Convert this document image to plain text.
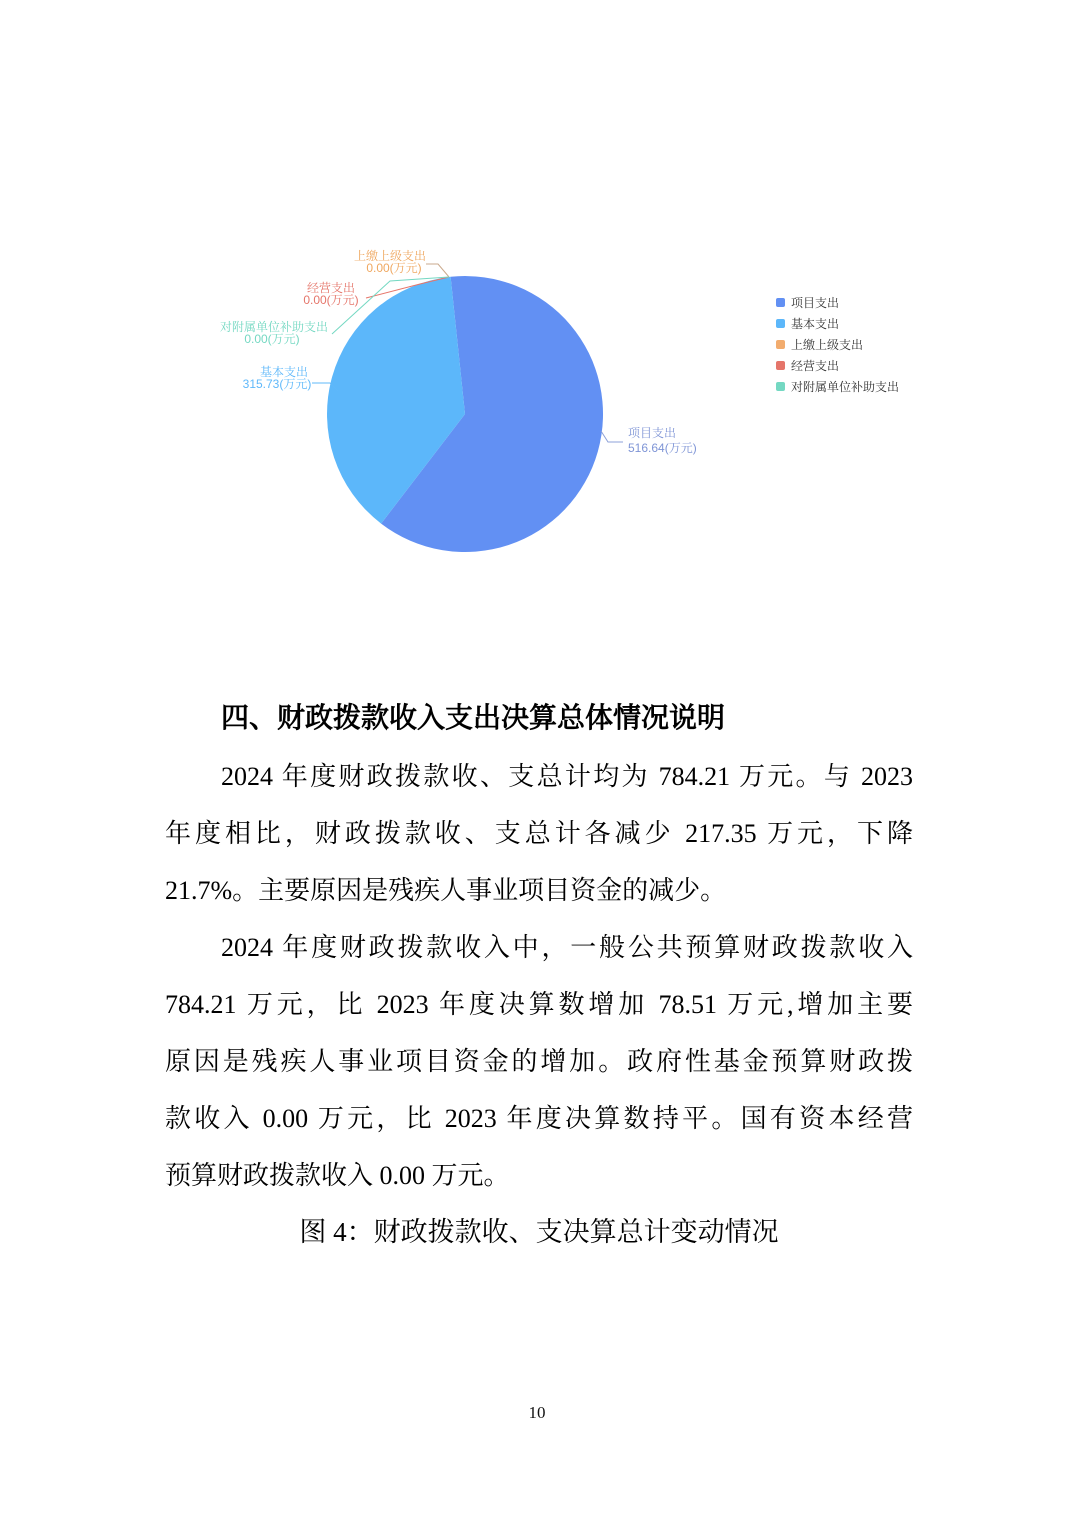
上缴上级支出
0.00(万元)
经营支出
0.00(万元)
对附属单位补助支出
0.00(万元)
基本支出
315.73(万元)
项目支出
516.64(万元)
项目支出
基本支出
上缴上级支出
经营支出
对附属单位补助支出
四、财政拨款收入支出决算总体情况说明
2024 年度财政拨款收、支总计均为 784.21 万元。与 2023
年度相比，财政拨款收、支总计各减少 217.35 万元，下降
21.7%。主要原因是残疾人事业项目资金的减少。
2024 年度财政拨款收入中，一般公共预算财政拨款收入
784.21 万元，比 2023 年度决算数增加 78.51 万元,增加主要
原因是残疾人事业项目资金的增加。政府性基金预算财政拨
款收入 0.00 万元，比 2023 年度决算数持平。国有资本经营
预算财政拨款收入 0.00 万元。
图 4：财政拨款收、支决算总计变动情况
10
